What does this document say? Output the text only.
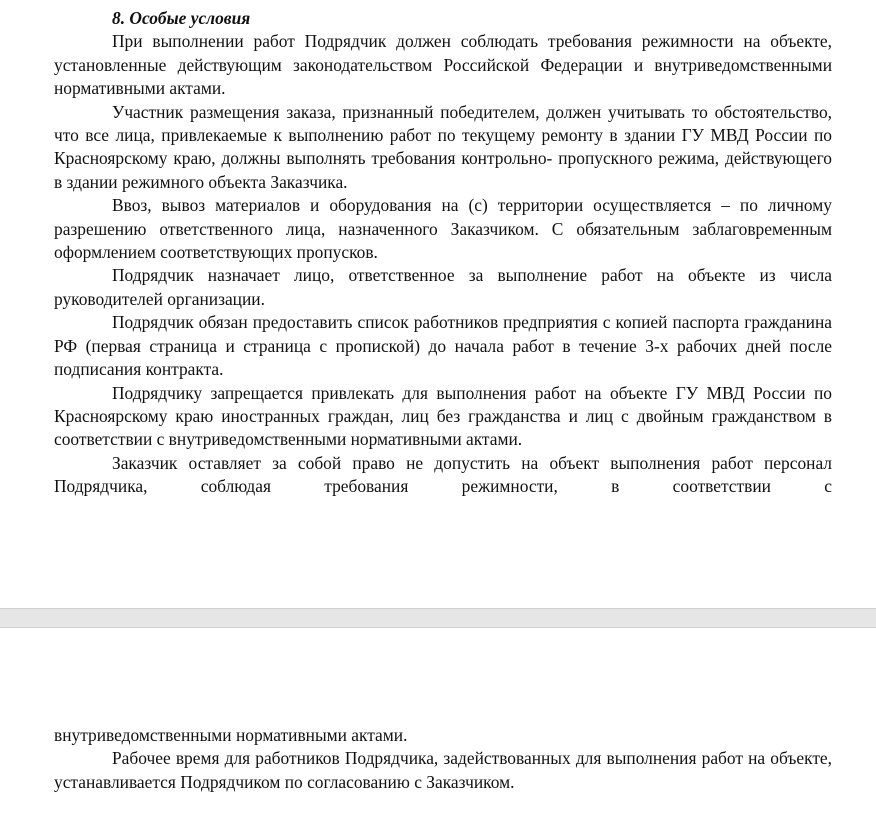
8. Особые условия

При выполнении работ Подрядчик должен соблюдать требования режимности на объекте, установленные действующим законодательством Российской Федерации и внутриведомственными нормативными актами.

Участник размещения заказа, признанный победителем, должен учитывать то обстоятельство, что все лица, привлекаемые к выполнению работ по текущему ремонту в здании ГУ МВД России по Красноярскому краю, должны выполнять требования контрольно- пропускного режима, действующего в здании режимного объекта Заказчика.

Ввоз, вывоз материалов и оборудования на (с) территории осуществляется – по личному разрешению ответственного лица, назначенного Заказчиком. С обязательным заблаговременным оформлением соответствующих пропусков.

Подрядчик назначает лицо, ответственное за выполнение работ на объекте из числа руководителей организации.

Подрядчик обязан предоставить список работников предприятия с копией паспорта гражданина РФ (первая страница и страница с пропиской) до начала работ в течение 3-х рабочих дней после подписания контракта.

Подрядчику запрещается привлекать для выполнения работ на объекте ГУ МВД России по Красноярскому краю иностранных граждан, лиц без гражданства и лиц с двойным гражданством в соответствии с внутриведомственными нормативными актами.

Заказчик оставляет за собой право не допустить на объект выполнения работ персонал Подрядчика, соблюдая требования режимности, в соответствии с

внутриведомственными нормативными актами.

Рабочее время для работников Подрядчика, задействованных для выполнения работ на объекте, устанавливается Подрядчиком по согласованию с Заказчиком.
